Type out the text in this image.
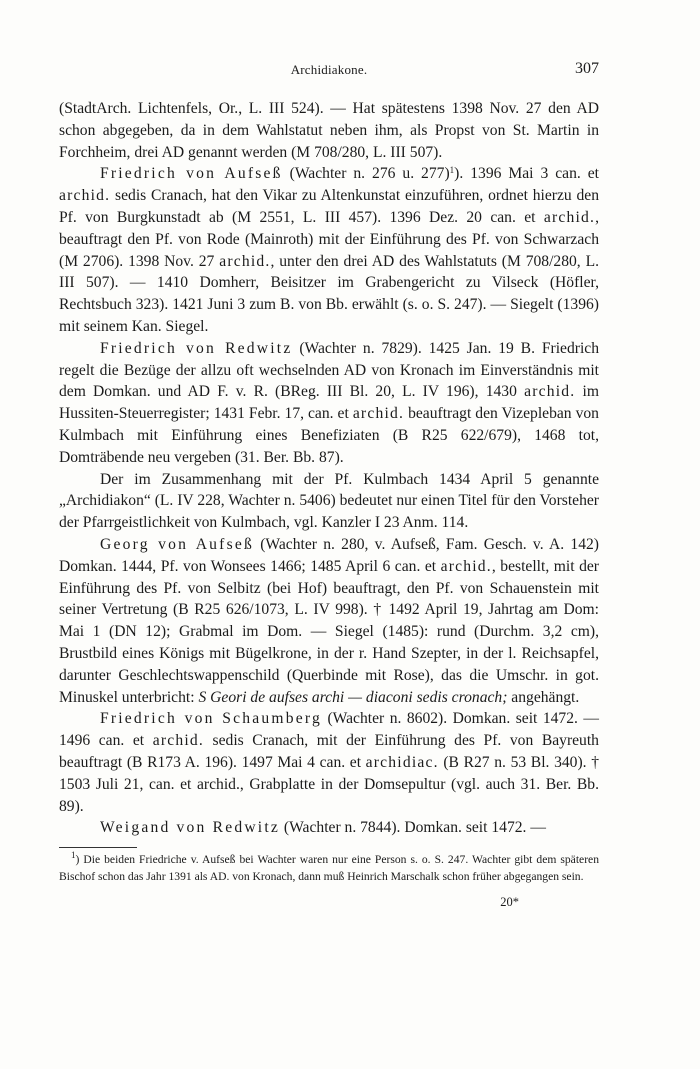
Archidiakone.	307

(StadtArch. Lichtenfels, Or., L. III 524). — Hat spätestens 1398 Nov. 27 den AD schon abgegeben, da in dem Wahlstatut neben ihm, als Propst von St. Martin in Forchheim, drei AD genannt werden (M 708/280, L. III 507).

Friedrich von Aufseß (Wachter n. 276 u. 277)$^1$). 1396 Mai 3 can. et archid. sedis Cranach, hat den Vikar zu Altenkunstat einzuführen, ordnet hierzu den Pf. von Burgkunstadt ab (M 2551, L. III 457). 1396 Dez. 20 can. et archid., beauftragt den Pf. von Rode (Mainroth) mit der Einführung des Pf. von Schwarzach (M 2706). 1398 Nov. 27 archid., unter den drei AD des Wahlstatuts (M 708/280, L. III 507). — 1410 Domherr, Beisitzer im Grabengericht zu Vilseck (Höfler, Rechtsbuch 323). 1421 Juni 3 zum B. von Bb. erwählt (s. o. S. 247). — Siegelt (1396) mit seinem Kan. Siegel.

Friedrich von Redwitz (Wachter n. 7829). 1425 Jan. 19 B. Friedrich regelt die Bezüge der allzu oft wechselnden AD von Kronach im Einverständnis mit dem Domkan. und AD F. v. R. (BReg. III Bl. 20, L. IV 196), 1430 archid. im Hussiten-Steuerregister; 1431 Febr. 17, can. et archid. beauftragt den Vizepleban von Kulmbach mit Einführung eines Benefiziaten (B R25 622/679), 1468 tot, Domträbende neu vergeben (31. Ber. Bb. 87).

Der im Zusammenhang mit der Pf. Kulmbach 1434 April 5 genannte „Archidiakon“ (L. IV 228, Wachter n. 5406) bedeutet nur einen Titel für den Vorsteher der Pfarrgeistlichkeit von Kulmbach, vgl. Kanzler I 23 Anm. 114.

Georg von Aufseß (Wachter n. 280, v. Aufseß, Fam. Gesch. v. A. 142) Domkan. 1444, Pf. von Wonsees 1466; 1485 April 6 can. et archid., bestellt, mit der Einführung des Pf. von Selbitz (bei Hof) beauftragt, den Pf. von Schauenstein mit seiner Vertretung (B R25 626/1073, L. IV 998). † 1492 April 19, Jahrtag am Dom: Mai 1 (DN 12); Grabmal im Dom. — Siegel (1485): rund (Durchm. 3,2 cm), Brustbild eines Königs mit Bügelkrone, in der r. Hand Szepter, in der l. Reichsapfel, darunter Geschlechtswappenschild (Querbinde mit Rose), das die Umschr. in got. Minuskel unterbricht: S Geori de aufses archi — diaconi sedis cronach; angehängt.

Friedrich von Schaumberg (Wachter n. 8602). Domkan. seit 1472. — 1496 can. et archid. sedis Cranach, mit der Einführung des Pf. von Bayreuth beauftragt (B R173 A. 196). 1497 Mai 4 can. et archidiac. (B R27 n. 53 Bl. 340). † 1503 Juli 21, can. et archid., Grabplatte in der Domsepultur (vgl. auch 31. Ber. Bb. 89).

Weigand von Redwitz (Wachter n. 7844). Domkan. seit 1472. —

$^1$) Die beiden Friedriche v. Aufseß bei Wachter waren nur eine Person s. o. S. 247. Wachter gibt dem späteren Bischof schon das Jahr 1391 als AD. von Kronach, dann muß Heinrich Marschalk schon früher abgegangen sein.

20*
